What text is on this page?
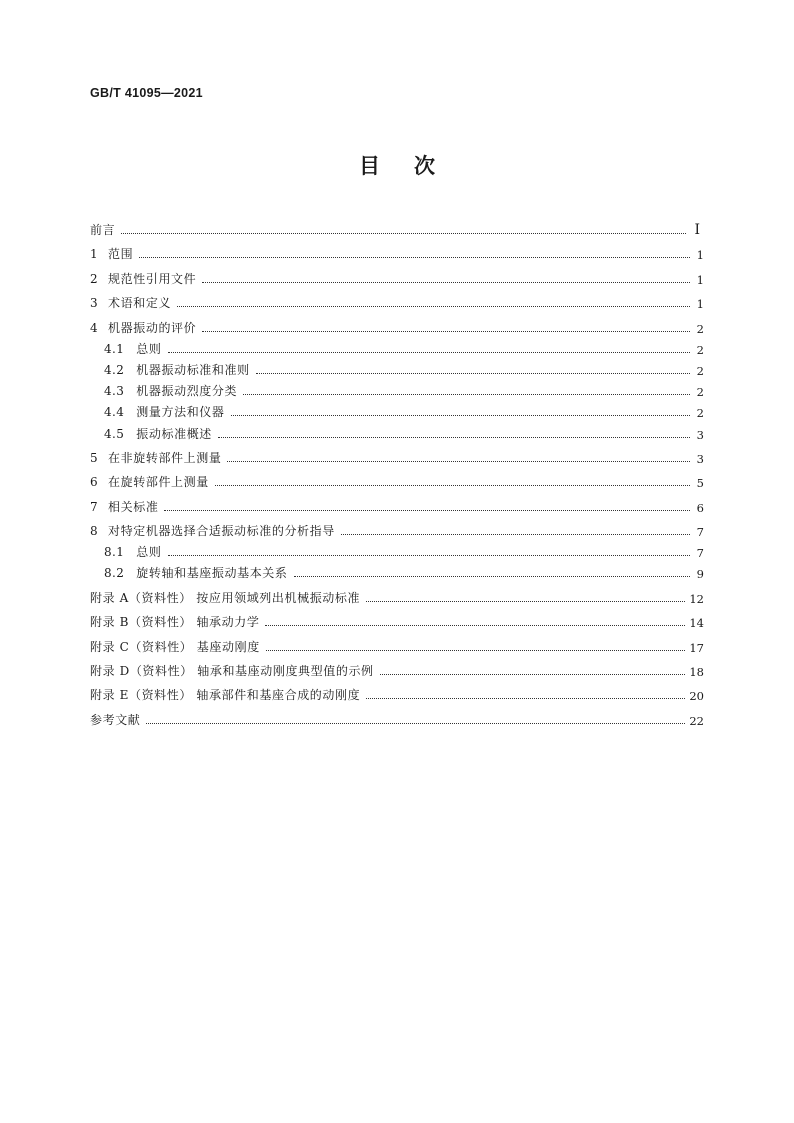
GB/T 41095—2021
目次
前言	Ⅰ
1 范围	1
2 规范性引用文件	1
3 术语和定义	1
4 机器振动的评价	2
4.1 总则	2
4.2 机器振动标准和准则	2
4.3 机器振动烈度分类	2
4.4 测量方法和仪器	2
4.5 振动标准概述	3
5 在非旋转部件上测量	3
6 在旋转部件上测量	5
7 相关标准	6
8 对特定机器选择合适振动标准的分析指导	7
8.1 总则	7
8.2 旋转轴和基座振动基本关系	9
附录 A（资料性） 按应用领域列出机械振动标准	12
附录 B（资料性） 轴承动力学	14
附录 C（资料性） 基座动刚度	17
附录 D（资料性） 轴承和基座动刚度典型值的示例	18
附录 E（资料性） 轴承部件和基座合成的动刚度	20
参考文献	22
